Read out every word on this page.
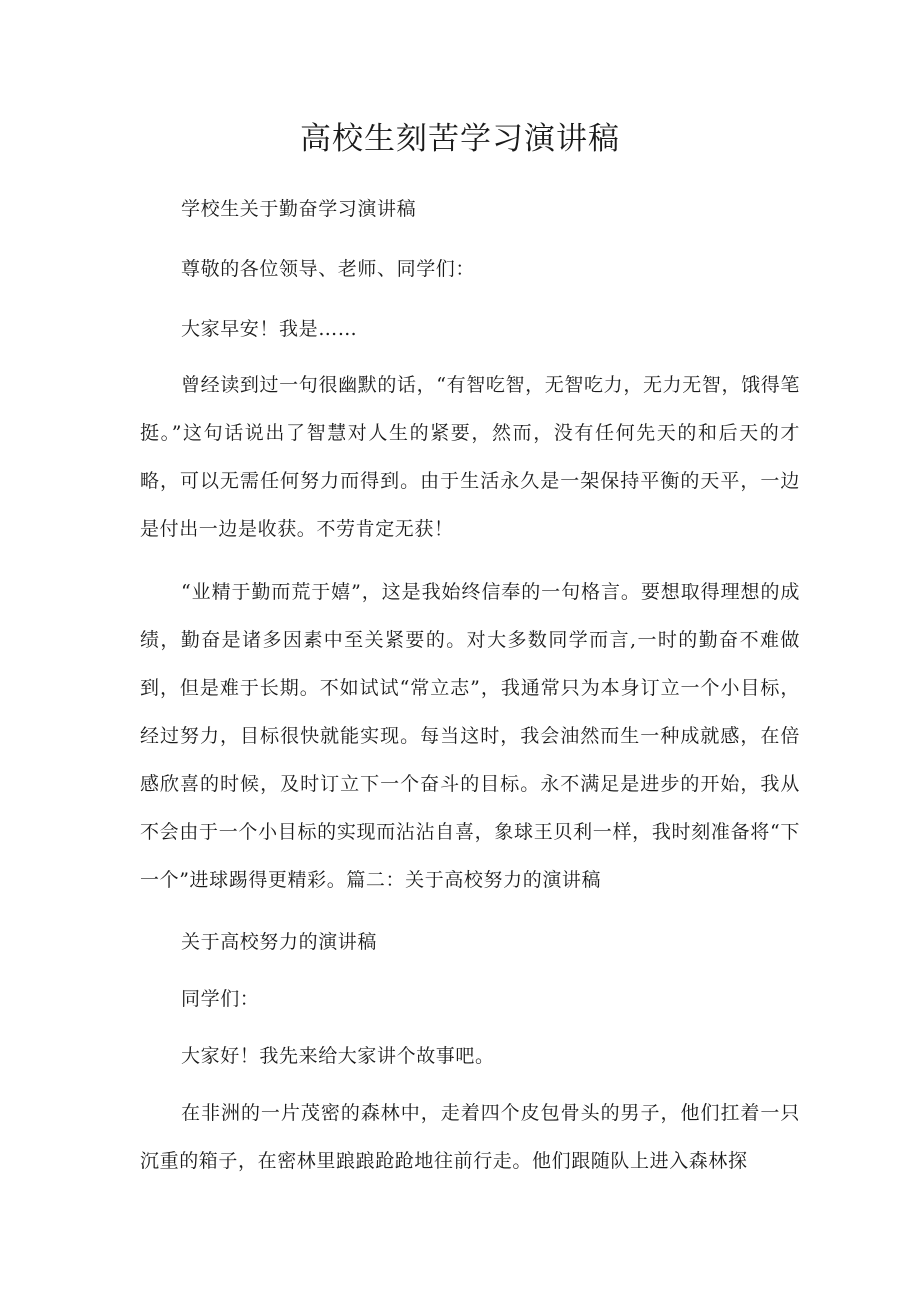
高校生刻苦学习演讲稿

学校生关于勤奋学习演讲稿

尊敬的各位领导、老师、同学们：

大家早安！我是……

曾经读到过一句很幽默的话，“有智吃智，无智吃力，无力无智，饿得笔挺。”这句话说出了智慧对人生的紧要，然而，没有任何先天的和后天的才略，可以无需任何努力而得到。由于生活永久是一架保持平衡的天平，一边是付出一边是收获。不劳肯定无获！

“业精于勤而荒于嬉”，这是我始终信奉的一句格言。要想取得理想的成绩，勤奋是诸多因素中至关紧要的。对大多数同学而言,一时的勤奋不难做到，但是难于长期。不如试试“常立志”，我通常只为本身订立一个小目标，经过努力，目标很快就能实现。每当这时，我会油然而生一种成就感，在倍感欣喜的时候，及时订立下一个奋斗的目标。永不满足是进步的开始，我从不会由于一个小目标的实现而沾沾自喜，象球王贝利一样，我时刻准备将“下一个”进球踢得更精彩。篇二：关于高校努力的演讲稿

关于高校努力的演讲稿

同学们：

大家好！我先来给大家讲个故事吧。

在非洲的一片茂密的森林中，走着四个皮包骨头的男子，他们扛着一只沉重的箱子，在密林里踉踉跄跄地往前行走。他们跟随队上进入森林探
